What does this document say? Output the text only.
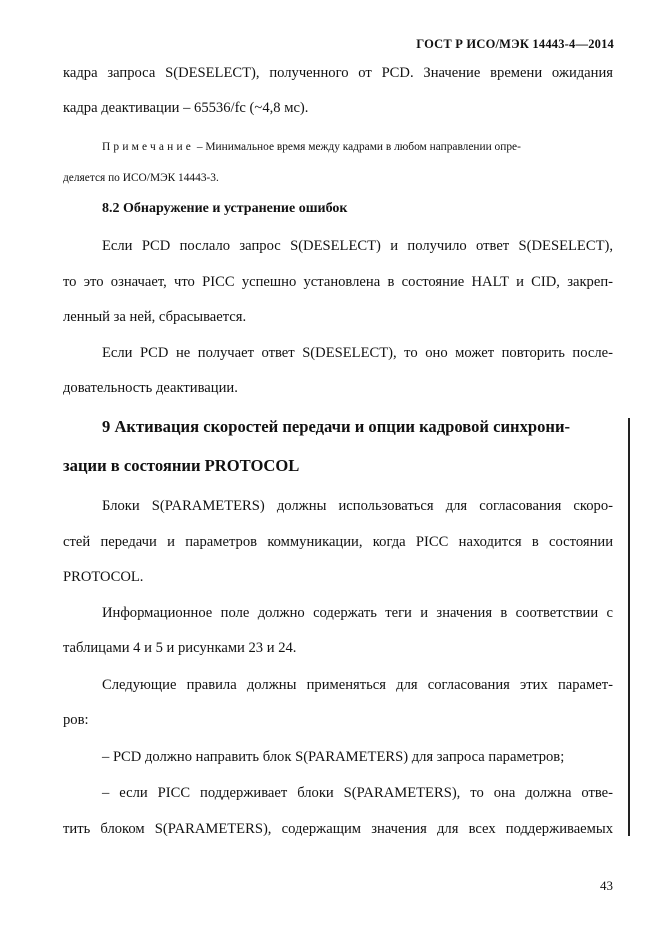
ГОСТ Р ИСО/МЭК 14443-4—2014
кадра запроса S(DESELECT), полученного от PCD. Значение времени ожидания
кадра деактивации – 65536/fc (~4,8 мс).
Примечание – Минимальное время между кадрами в любом направлении опре-
деляется по ИСО/МЭК 14443-3.
8.2 Обнаружение и устранение ошибок
Если PCD послало запрос S(DESELECT) и получило ответ S(DESELECT),
то это означает, что PICC успешно установлена в состояние HALT и CID, закреп-
ленный за ней, сбрасывается.
Если PCD не получает ответ S(DESELECT), то оно может повторить после-
довательность деактивации.
9 Активация скоростей передачи и опции кадровой синхрони-
зации в состоянии PROTOCOL
Блоки S(PARAMETERS) должны использоваться для согласования скоро-
стей передачи и параметров коммуникации, когда PICC находится в состоянии
PROTOCOL.
Информационное поле должно содержать теги и значения в соответствии с
таблицами 4 и 5 и рисунками 23 и 24.
Следующие правила должны применяться для согласования этих парамет-
ров:
– PCD должно направить блок S(PARAMETERS) для запроса параметров;
– если PICC поддерживает блоки S(PARAMETERS), то она должна отве-
тить блоком S(PARAMETERS), содержащим значения для всех поддерживаемых
43
